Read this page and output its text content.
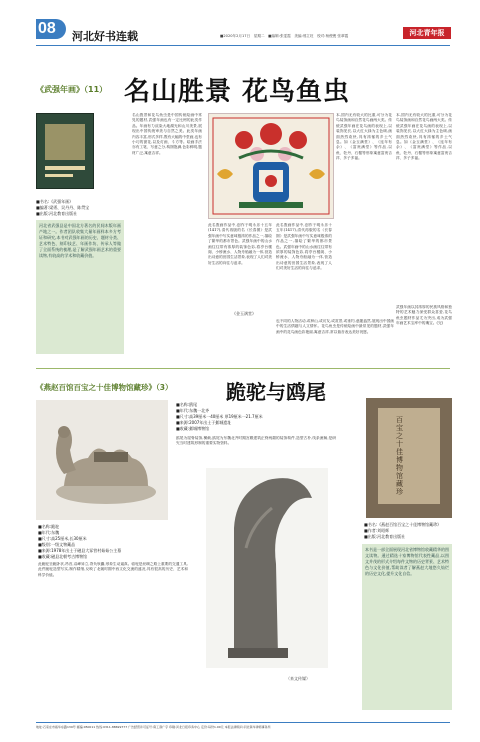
08 河北好书连载	■2020年2月17日　星期二　■编辑:张雯霞　美编:邢立旺　校对:杨俊俊 张翠霞	河北青年报
《武强年画》（11） 名山胜景 花鸟鱼虫
■书名:《武强年画》
■编著:梁勇、吴丹丹、陈贯宝
■出版:河北教育出版社
河北省武强县是中国北方著名的民间木版年画产地之一。作者团队收集大量年画样本多方考证和研究,本书对武强年画的历史、题材分类、艺术特色、刻印技艺、年画作坊、传承人等做了全面系统的梳理,是了解武强年画艺术的重要读物,有较高的学术和收藏价值。
名山胜景和花鸟鱼虫是中国传统绘画中常见的题材,武强年画也有一定比例的此类作品。年画有力渲染大地湖光和山川美景,展现出中国传统审美与自然之美。此类年画内容丰富,形式多样,既有大幅的中堂画,也有小巧的窗花,以及灯画、斗方等。绘画手法亦有工笔、写意之分,构图饱满,色彩鲜明,题材广泛,寓意吉祥。
《金玉满堂》
此名胜画作品中,创作于明永乐十五年(1417),清代再版的名《长春图》是武强年画中写实意味极浓的作品之一,描绘了繁华的都市景色。武强年画中的山水画往往带有浓厚的装饰色彩,将亭台楼阁、小桥流水、人物舟船融为一体,营造出诗意的田园生活景象,表现了人们对美好生活的向往与追求。
也不同的人物活动,或种山,或访友,或赏景,或垂钓,意趣盎然,展现出中国画中的生活情趣与人文情怀。花鸟鱼虫是传统绘画中最常见的题材,武强年画中的花鸟画色彩艳丽,寓意吉祥,常以谐音表达美好祝愿。
此名胜画作品中,创作于明永乐十五年(1417),清代再版的名《长春图》是武强年画中写实意味极浓的作品之一,描绘了繁华的都市景色。武强年画中的山水画往往带有浓厚的装饰色彩,将亭台楼阁、小桥流水、人物舟船融为一体,营造出诗意的田园生活景象,表现了人们对美好生活的向往与追求。
本,国内无有较大的比重,可分为花鸟装饰画和自然花鸟画两大类。传统武强年画在花鸟画的表现上,以装饰见长,以大红大绿为主色调,画面热烈欢快,具有浓郁的乡土气息。如《金玉满堂》、《连年有余》、《富贵满堂》等作品,以鱼、牡丹、石榴等形象寓意富贵吉祥、多子多福。
本,国内无有较大的比重,可分为花鸟装饰画和自然花鸟画两大类。传统武强年画在花鸟画的表现上,以装饰见长,以大红大绿为主色调,画面热烈欢快,具有浓郁的乡土气息。如《金玉满堂》、《连年有余》、《富贵满堂》等作品,以鱼、牡丹、石榴等形象寓意富贵吉祥、多子多福。
武强年画以其浓厚的民族风格和独特的艺术魅力深受群众喜爱,花鸟鱼虫题材作品尤为突出,成为武强年画艺术宝库中的瑰宝。(完)
《燕赵百馆百宝之十佳博物馆藏珍》（3）	跪驼与鸥尾
■名称:跪驼
■年代:东魏
■尺寸:高25厘米,长30厘米
■级别:一级文物藏品
■来源:1978年出土于磁县大冢营村茹茹公主墓
■收藏:磁县北朝考古博物馆
此跪驼呈跪卧状,昂首,双峰耸立,背负驮囊,形象生动逼真。骆驼是丝绸之路上重要的交通工具,此件跪驼造型写实,制作精细,反映了北朝时期中西文化交流的盛况,具有很高的历史、艺术和科学价值。
■名称:鸥尾
■年代:东魏一北齐
■尺寸:高39厘米一40厘米 厚19厘米一21.7厘米
■来源:2007年出土于邺城遗址
■收藏:邺城博物馆
鸥尾为屋脊装饰,横截,鸥尾为东魏北齐时期宫殿建筑正脊两端的装饰构件,造型古朴,线条流畅,是研究当时建筑形制的重要实物资料。
（来文传媒）
百宝之十佳博物馆藏珍
■书名:《燕赵百馆百宝之十佳博物馆藏珍》
■作者:刘昭辉
■出版:河北教育出版社
本书是一部全面展现河北省博物馆收藏精华的图文读物。通过精选十家博物馆代表性藏品,以图文并茂的形式介绍每件文物的历史背景、艺术特色与文化价值,帮助读者了解燕赵大地悠久灿烂的历史文化,提升文化自信。
地址:石家庄市裕华东路139号 邮编:050011 热线:0311-88699777 广告经营许可证号:冀工商广字 印刷:河北日报印务中心 定价:每份1.00元 本报法律顾问:河北冀华律师事务所
